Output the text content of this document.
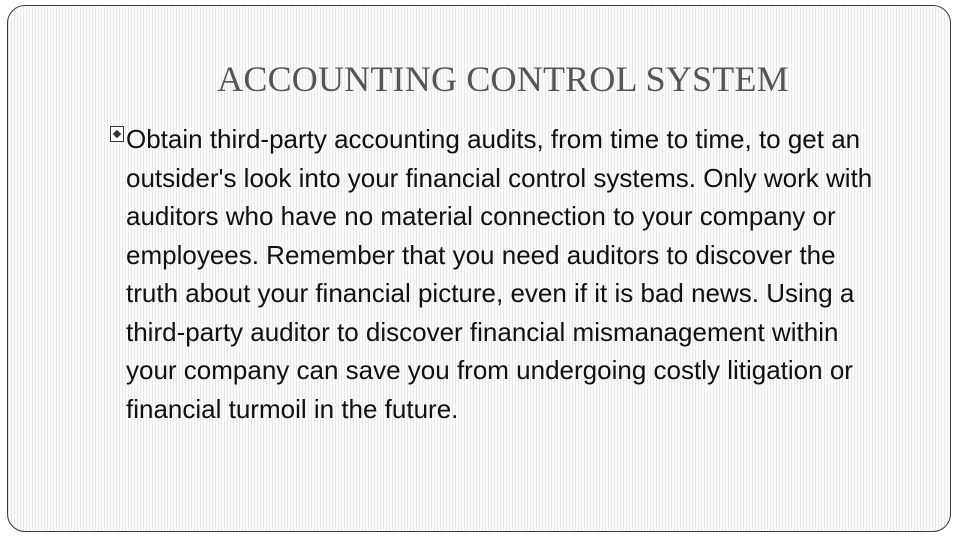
ACCOUNTING CONTROL SYSTEM

Obtain third-party accounting audits, from time to time, to get an outsider's look into your financial control systems. Only work with auditors who have no material connection to your company or employees. Remember that you need auditors to discover the truth about your financial picture, even if it is bad news. Using a third-party auditor to discover financial mismanagement within your company can save you from undergoing costly litigation or financial turmoil in the future.
